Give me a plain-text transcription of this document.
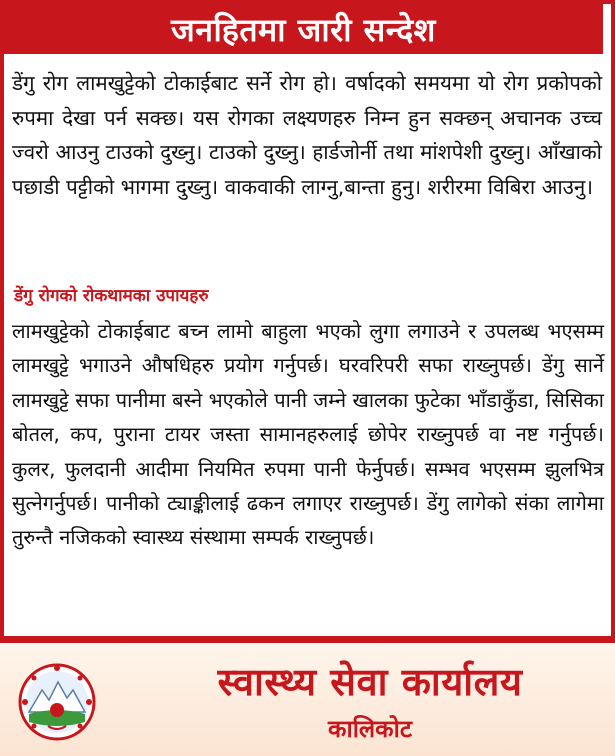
जनहितमा जारी सन्देश

डेंगु रोग लामखुट्टेको टोकाईबाट सर्ने रोग हो। वर्षादको समयमा यो रोग प्रकोपको रुपमा देखा पर्न सक्छ। यस रोगका लक्ष्यणहरु निम्न हुन सक्छन् अचानक उच्च ज्वरो आउनु टाउको दुख्नु। टाउको दुख्नु। हार्डजोर्नी तथा मांशपेशी दुख्नु। आँखाको पछाडी पट्टीको भागमा दुख्नु। वाकवाकी लाग्नु,बान्ता हुनु। शरीरमा विबिरा आउनु।

डेंगु रोगको रोकथामका उपायहरु

लामखुट्टेको टोकाईबाट बच्न लामो बाहुला भएको लुगा लगाउने र उपलब्ध भएसम्म लामखुट्टे भगाउने औषधिहरु प्रयोग गर्नुपर्छ। घरवरिपरी सफा राख्नुपर्छ। डेंगु सार्ने लामखुट्टे सफा पानीमा बस्ने भएकोले पानी जम्ने खालका फुटेका भाँडाकुँडा, सिसिका बोतल, कप, पुराना टायर जस्ता सामानहरुलाई छोपेर राख्नुपर्छ वा नष्ट गर्नुपर्छ। कुलर, फुलदानी आदीमा नियमित रुपमा पानी फेर्नुपर्छ। सम्भव भएसम्म झुलभित्र सुत्नेगर्नुपर्छ। पानीको ट्याङ्कीलाई ढकन लगाएर राख्नुपर्छ। डेंगु लागेको संका लागेमा तुरुन्तै नजिकको स्वास्थ्य संस्थामा सम्पर्क राख्नुपर्छ।

स्वास्थ्य सेवा कार्यालय
कालिकोट
